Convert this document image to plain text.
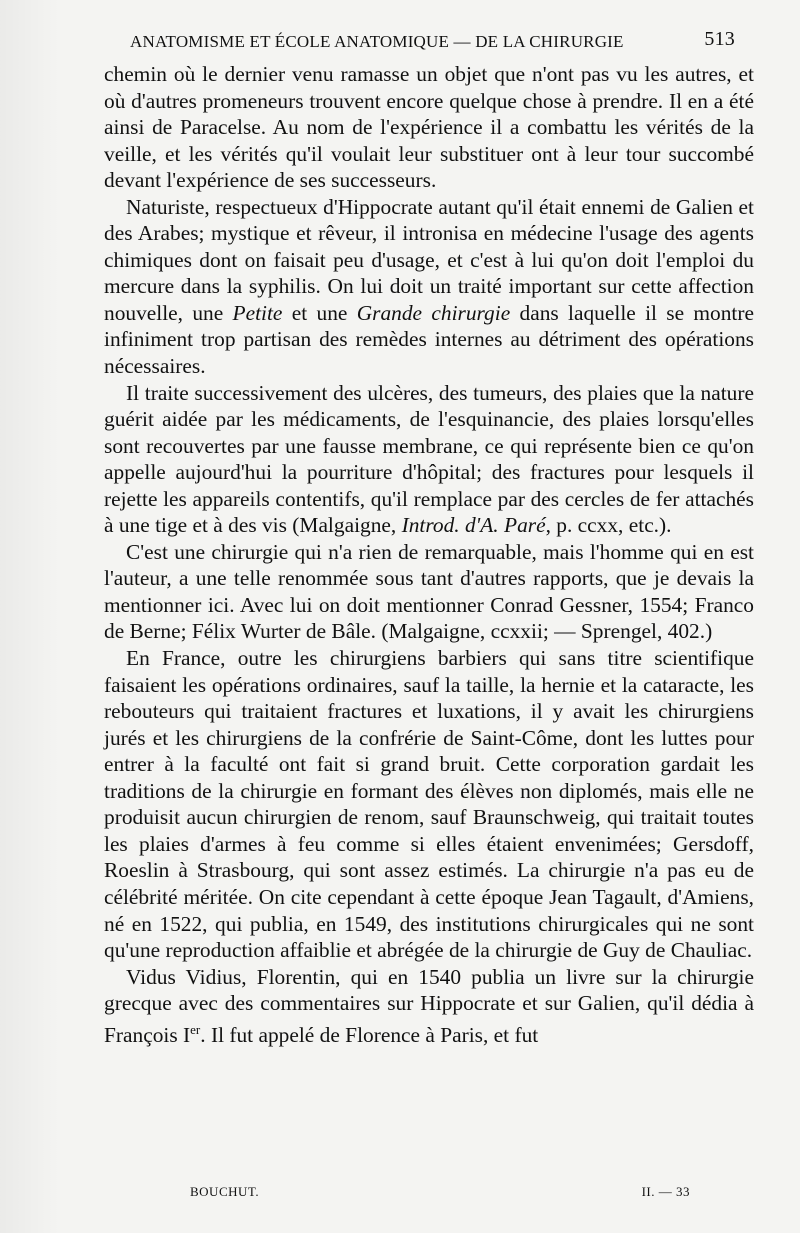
ANATOMISME ET ÉCOLE ANATOMIQUE — DE LA CHIRURGIE	513

chemin où le dernier venu ramasse un objet que n'ont pas vu les autres, et où d'autres promeneurs trouvent encore quelque chose à prendre. Il en a été ainsi de Paracelse. Au nom de l'expérience il a combattu les vérités de la veille, et les vérités qu'il voulait leur substituer ont à leur tour succombé devant l'expérience de ses successeurs.

Naturiste, respectueux d'Hippocrate autant qu'il était ennemi de Galien et des Arabes; mystique et rêveur, il intronisa en médecine l'usage des agents chimiques dont on faisait peu d'usage, et c'est à lui qu'on doit l'emploi du mercure dans la syphilis. On lui doit un traité important sur cette affection nouvelle, une Petite et une Grande chirurgie dans laquelle il se montre infiniment trop partisan des remèdes internes au détriment des opérations nécessaires.

Il traite successivement des ulcères, des tumeurs, des plaies que la nature guérit aidée par les médicaments, de l'esquinancie, des plaies lorsqu'elles sont recouvertes par une fausse membrane, ce qui représente bien ce qu'on appelle aujourd'hui la pourriture d'hôpital; des fractures pour lesquels il rejette les appareils contentifs, qu'il remplace par des cercles de fer attachés à une tige et à des vis (Malgaigne, Introd. d'A. Paré, p. ccxx, etc.).

C'est une chirurgie qui n'a rien de remarquable, mais l'homme qui en est l'auteur, a une telle renommée sous tant d'autres rapports, que je devais la mentionner ici. Avec lui on doit mentionner Conrad Gessner, 1554; Franco de Berne; Félix Wurter de Bâle. (Malgaigne, ccxxii; — Sprengel, 402.)

En France, outre les chirurgiens barbiers qui sans titre scientifique faisaient les opérations ordinaires, sauf la taille, la hernie et la cataracte, les rebouteurs qui traitaient fractures et luxations, il y avait les chirurgiens jurés et les chirurgiens de la confrérie de Saint-Côme, dont les luttes pour entrer à la faculté ont fait si grand bruit. Cette corporation gardait les traditions de la chirurgie en formant des élèves non diplomés, mais elle ne produisit aucun chirurgien de renom, sauf Braunschweig, qui traitait toutes les plaies d'armes à feu comme si elles étaient envenimées; Gersdoff, Roeslin à Strasbourg, qui sont assez estimés. La chirurgie n'a pas eu de célébrité méritée. On cite cependant à cette époque Jean Tagault, d'Amiens, né en 1522, qui publia, en 1549, des institutions chirurgicales qui ne sont qu'une reproduction affaiblie et abrégée de la chirurgie de Guy de Chauliac.

Vidus Vidius, Florentin, qui en 1540 publia un livre sur la chirurgie grecque avec des commentaires sur Hippocrate et sur Galien, qu'il dédia à François Ier. Il fut appelé de Florence à Paris, et fut

BOUCHUT.	II. — 33
